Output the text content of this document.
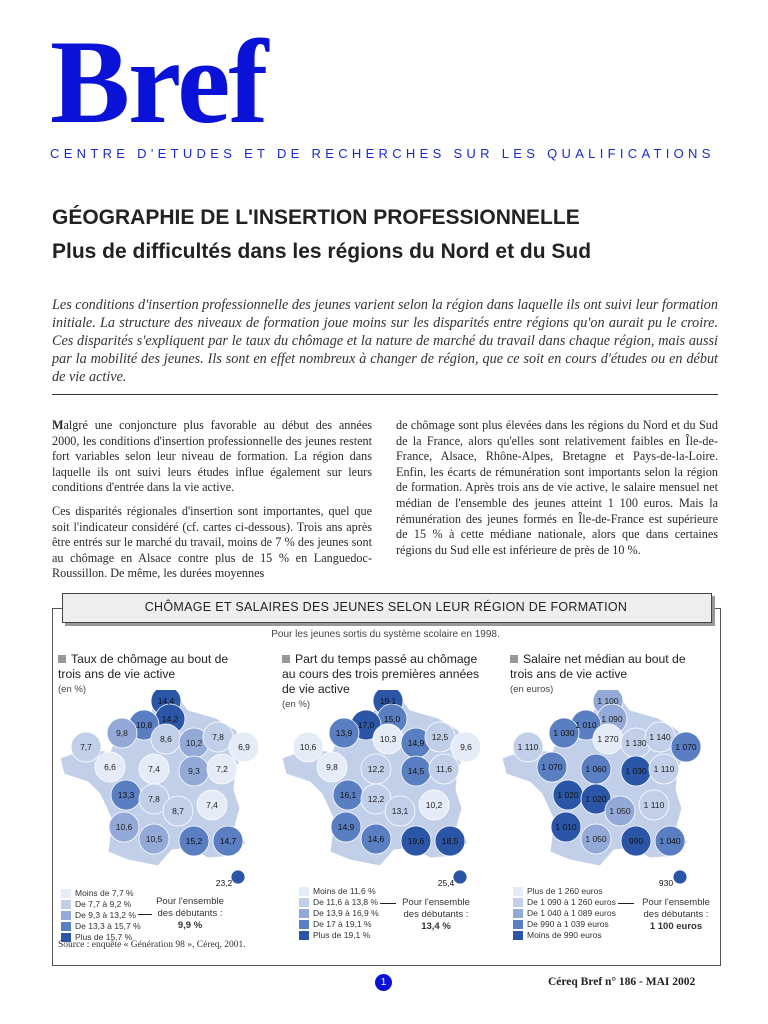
Bref
CENTRE D'ETUDES ET DE RECHERCHES SUR LES QUALIFICATIONS
GÉOGRAPHIE DE L'INSERTION PROFESSIONNELLE
Plus de difficultés dans les régions du Nord et du Sud
Les conditions d'insertion professionnelle des jeunes varient selon la région dans laquelle ils ont suivi leur formation initiale. La structure des niveaux de formation joue moins sur les disparités entre régions qu'on aurait pu le croire. Ces disparités s'expliquent par le taux du chômage et la nature de marché du travail dans chaque région, mais aussi par la mobilité des jeunes. Ils sont en effet nombreux à changer de région, que ce soit en cours d'études ou en début de vie active.

Malgré une conjoncture plus favorable au début des années 2000, les conditions d'insertion professionnelle des jeunes restent fort variables selon leur niveau de formation. La région dans laquelle ils ont suivi leurs études influe également sur leurs conditions d'entrée dans la vie active.

Ces disparités régionales d'insertion sont importantes, quel que soit l'indicateur considéré (cf. cartes ci-dessous). Trois ans après être entrés sur le marché du travail, moins de 7 % des jeunes sont au chômage en Alsace contre plus de 15 % en Languedoc-Roussillon. De même, les durées moyennes

de chômage sont plus élevées dans les régions du Nord et du Sud de la France, alors qu'elles sont relativement faibles en Île-de-France, Alsace, Rhône-Alpes, Bretagne et Pays-de-la-Loire. Enfin, les écarts de rémunération sont importants selon la région de formation. Après trois ans de vie active, le salaire mensuel net médian de l'ensemble des jeunes atteint 1 100 euros. Mais la rémunération des jeunes formés en Île-de-France est supérieure de 15 % à cette médiane nationale, alors que dans certaines régions du Sud elle est inférieure de près de 10 %.

CHÔMAGE ET SALAIRES DES JEUNES SELON LEUR RÉGION DE FORMATION
Pour les jeunes sortis du système scolaire en 1998.
Taux de chômage au bout de trois ans de vie active
(en %)
14,4
14,2
10,8
9,8
8,6 10,2
7,8
6,9
7,7
6,6	7,4	9,3 7,2
13,3 7,8
8,7
7,4
10,6
10,5	15,2 14,7
23,2
Moins de 7,7 %
De 7,7 à 9,2 %
De 9,3 à 13,2 %
De 13,3 à 15,7 %
Plus de 15,7 %
Pour l'ensemble des débutants :
9,9 %
Part du temps passé au chômage au cours des trois premières années de vie active
(en %)	19,1
15,0
17,0
13,9
10,3 14,9
12,5
9,6
10,6
9,8	12,2	14,5 11,6
16,1 12,2
13,1
10,2
14,9
14,6	19,6 18,5
25,4
Moins de 11,6 %
De 11,6 à 13,8 %
De 13,9 à 16,9 %
De 17 à 19,1 %
Plus de 19,1 %
Pour l'ensemble des débutants :
13,4 %
Salaire net médian au bout de trois ans de vie active
(en euros)
1 100
1 090
1 010
1 030
1 270 1 130
1 140
1 070
1 110
1 070	1 060 1 030 1 110
1 020 1 020
1 050
1 110
1 010
1 050	990 1 040
930
Plus de 1 260 euros
De 1 090 à 1 260 euros
De 1 040 à 1 089 euros
De 990 à 1 039 euros
Moins de 990 euros
Pour l'ensemble des débutants :
1 100 euros
Source : enquête « Génération 98 », Céreq, 2001.
1	Céreq Bref n° 186 - MAI 2002
